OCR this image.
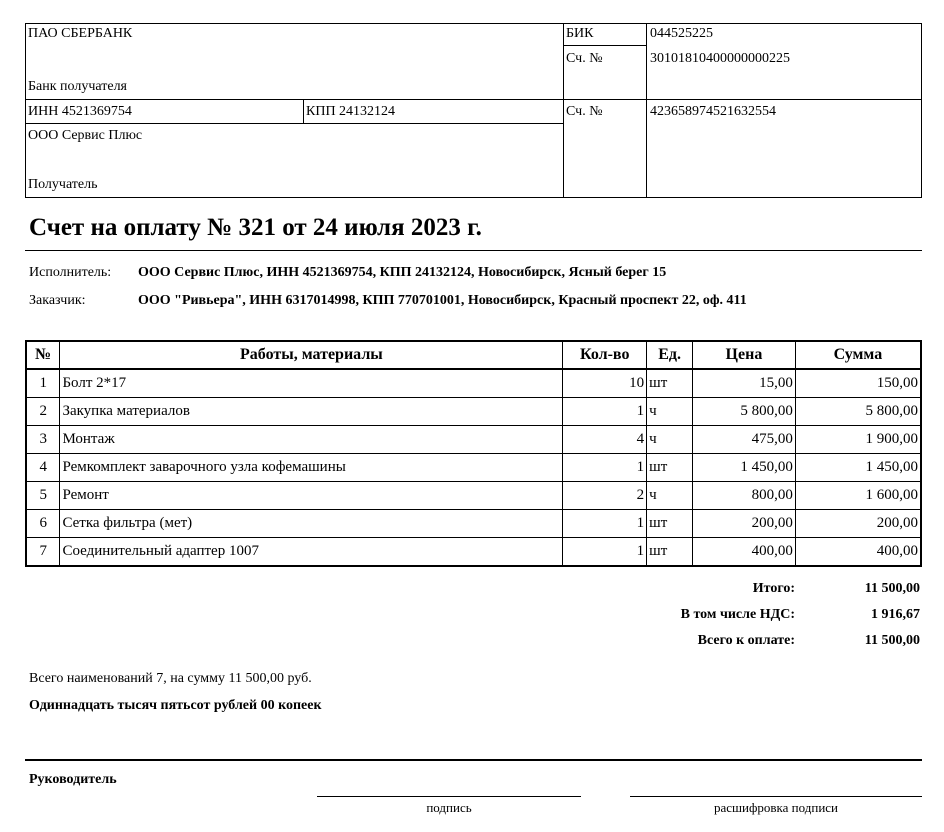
ПАО СБЕРБАНК
Банк получателя
БИК	044525225
Сч. №	30101810400000000225
ИНН 4521369754	КПП 24132124	Сч. №	423658974521632554
ООО Сервис Плюс
Получатель
Счет на оплату № 321 от 24 июля 2023 г.
Исполнитель: ООО Сервис Плюс, ИНН 4521369754, КПП 24132124, Новосибирск, Ясный берег 15
Заказчик:	ООО "Ривьера", ИНН 6317014998, КПП 770701001, Новосибирск, Красный проспект 22, оф. 411
№	Работы, материалы	Кол-во	Ед.	Цена	Сумма
1	Болт 2*17	10	шт	15,00	150,00
2	Закупка материалов	1	ч	5 800,00	5 800,00
3	Монтаж	4	ч	475,00	1 900,00
4	Ремкомплект заварочного узла кофемашины	1	шт	1 450,00	1 450,00
5	Ремонт	2	ч	800,00	1 600,00
6	Сетка фильтра (мет)	1	шт	200,00	200,00
7	Соединительный адаптер 1007	1	шт	400,00	400,00
Итого:	11 500,00
В том числе НДС:	1 916,67
Всего к оплате:	11 500,00
Всего наименований 7, на сумму 11 500,00 руб.
Одиннадцать тысяч пятьсот рублей 00 копеек
Руководитель
подпись	расшифровка подписи
